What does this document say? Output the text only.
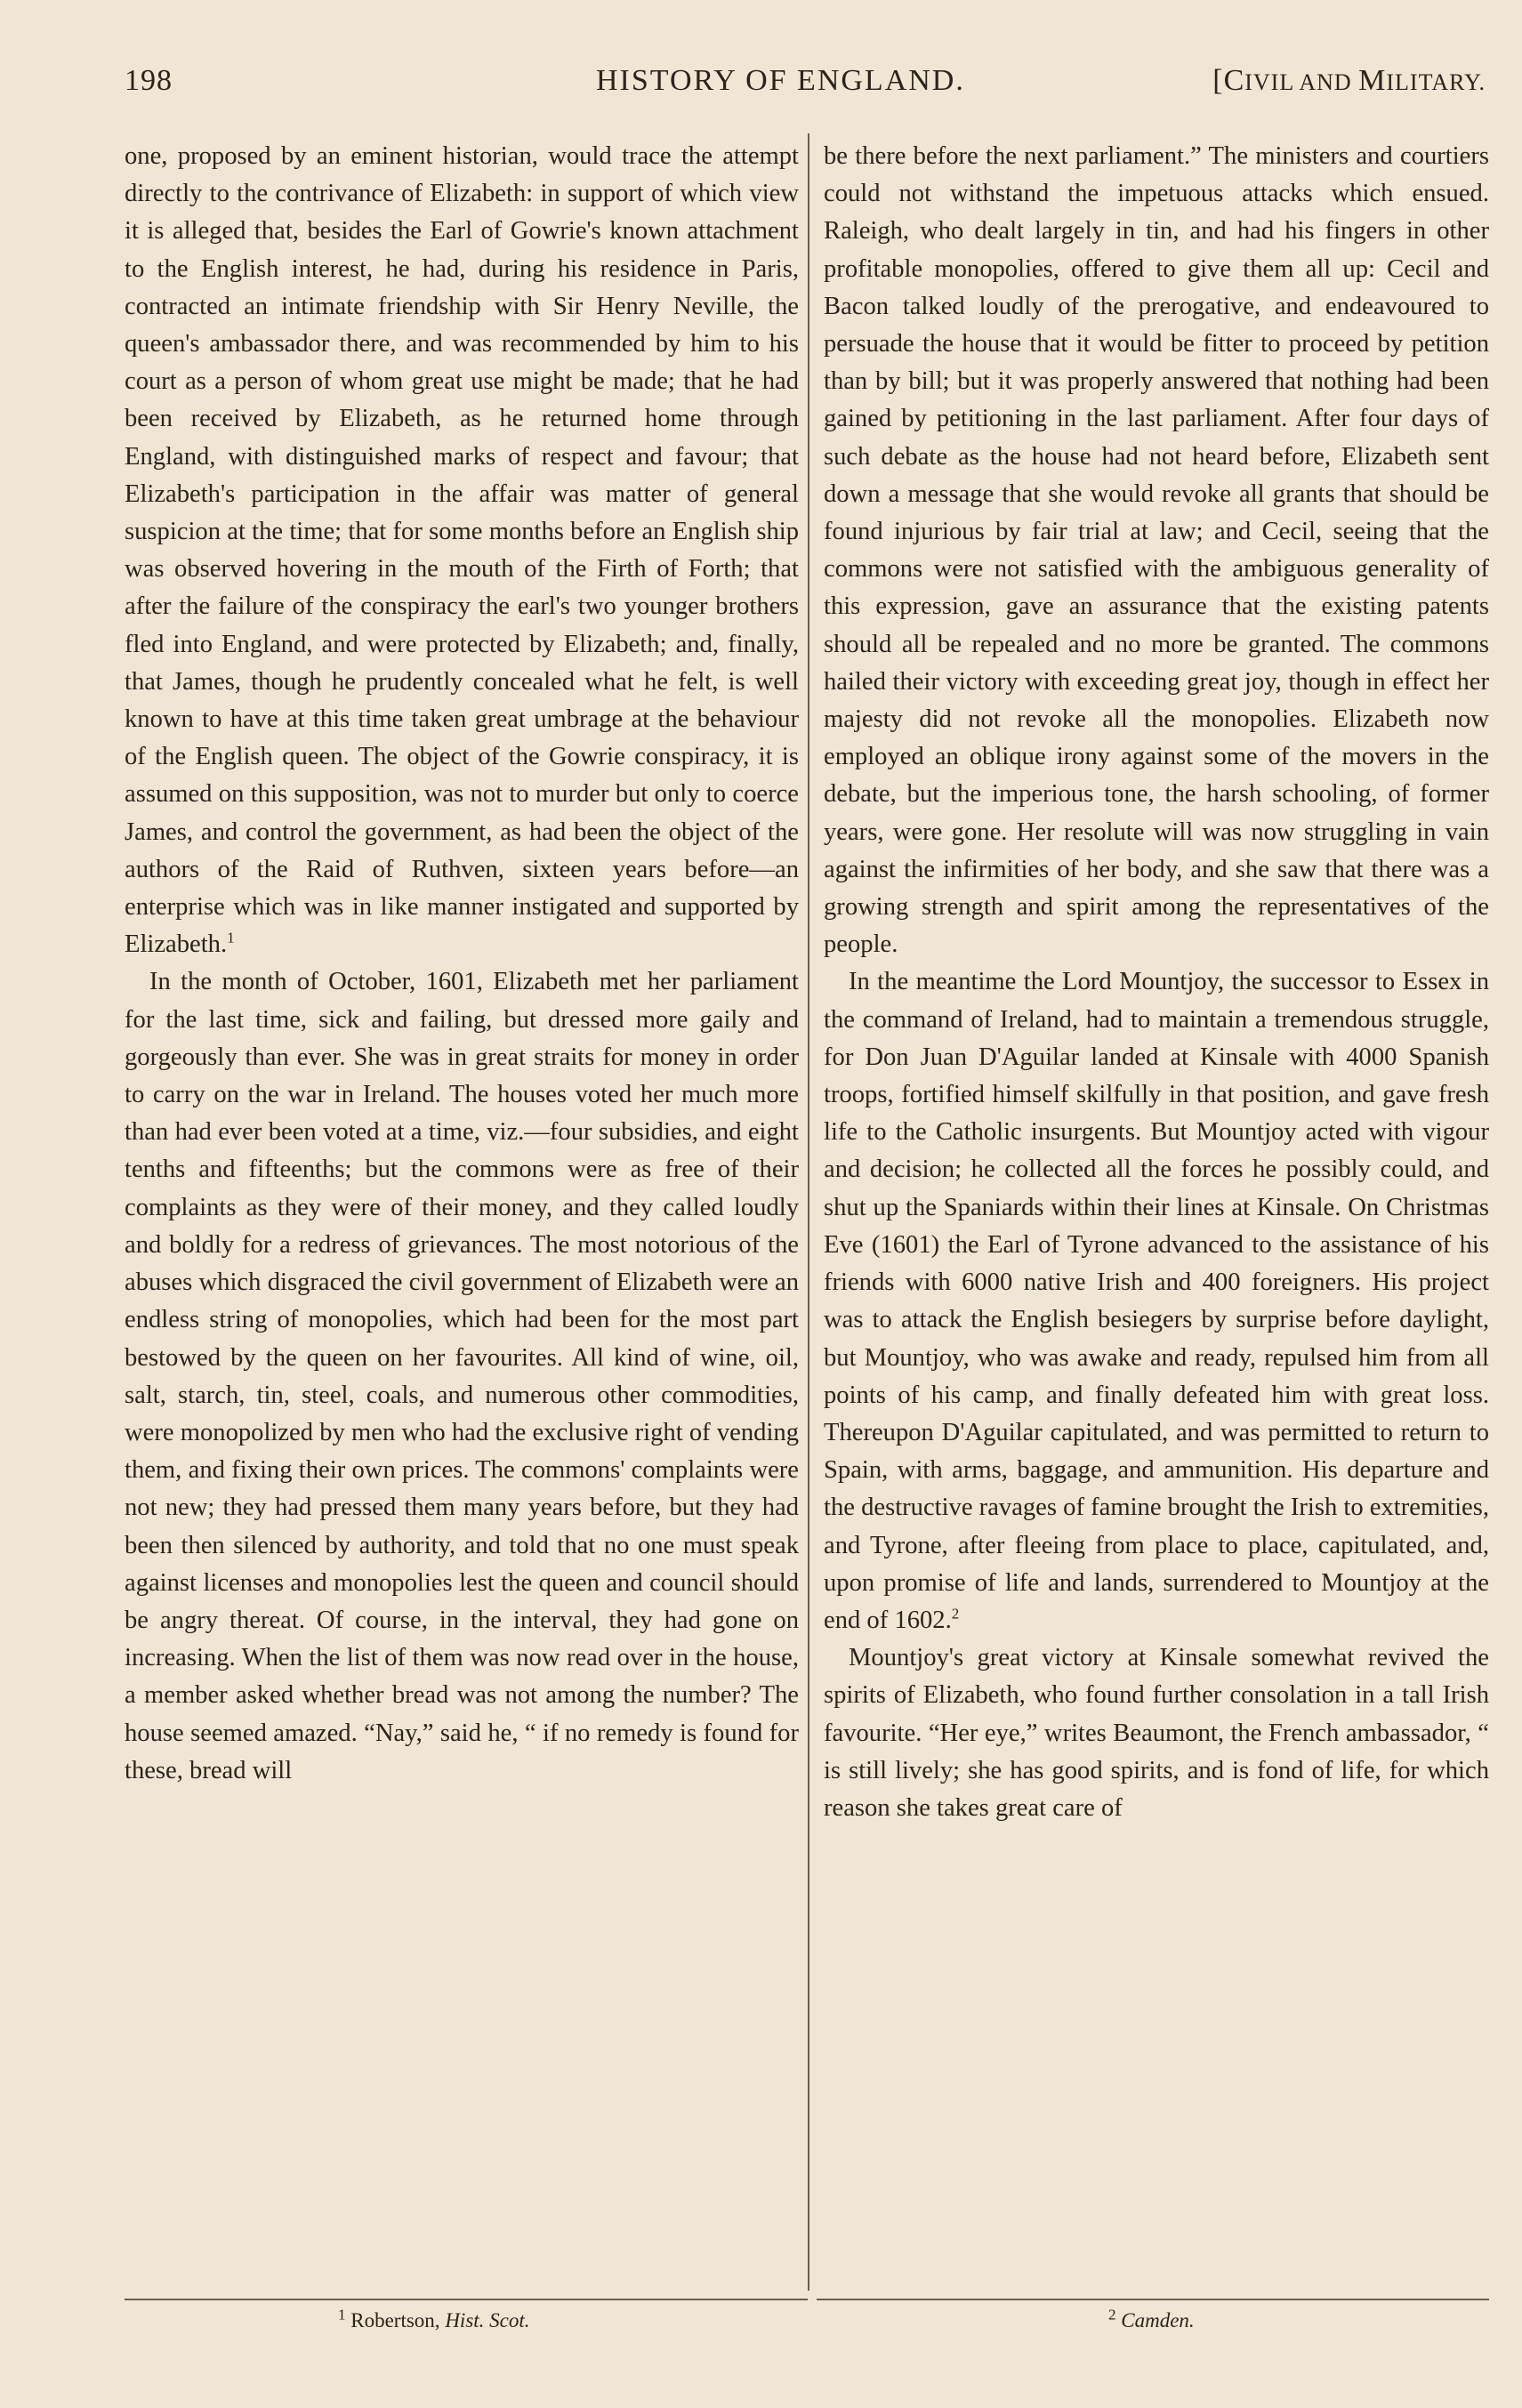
198	HISTORY OF ENGLAND.	[CIVIL AND MILITARY.

one, proposed by an eminent historian, would trace the attempt directly to the contrivance of Elizabeth: in support of which view it is alleged that, besides the Earl of Gowrie's known attachment to the English interest, he had, during his residence in Paris, contracted an intimate friendship with Sir Henry Neville, the queen's ambassador there, and was recommended by him to his court as a person of whom great use might be made; that he had been received by Elizabeth, as he returned home through England, with distinguished marks of respect and favour; that Elizabeth's participation in the affair was matter of general suspicion at the time; that for some months before an English ship was observed hovering in the mouth of the Firth of Forth; that after the failure of the conspiracy the earl's two younger brothers fled into England, and were protected by Elizabeth; and, finally, that James, though he prudently concealed what he felt, is well known to have at this time taken great umbrage at the behaviour of the English queen. The object of the Gowrie conspiracy, it is assumed on this supposition, was not to murder but only to coerce James, and control the government, as had been the object of the authors of the Raid of Ruthven, sixteen years before—an enterprise which was in like manner instigated and supported by Elizabeth.$^1$

In the month of October, 1601, Elizabeth met her parliament for the last time, sick and failing, but dressed more gaily and gorgeously than ever. She was in great straits for money in order to carry on the war in Ireland. The houses voted her much more than had ever been voted at a time, viz.—four subsidies, and eight tenths and fifteenths; but the commons were as free of their complaints as they were of their money, and they called loudly and boldly for a redress of grievances. The most notorious of the abuses which disgraced the civil government of Elizabeth were an endless string of monopolies, which had been for the most part bestowed by the queen on her favourites. All kind of wine, oil, salt, starch, tin, steel, coals, and numerous other commodities, were monopolized by men who had the exclusive right of vending them, and fixing their own prices. The commons' complaints were not new; they had pressed them many years before, but they had been then silenced by authority, and told that no one must speak against licenses and monopolies lest the queen and council should be angry thereat. Of course, in the interval, they had gone on increasing. When the list of them was now read over in the house, a member asked whether bread was not among the number? The house seemed amazed. “Nay,” said he, “ if no remedy is found for these, bread will

be there before the next parliament.” The ministers and courtiers could not withstand the impetuous attacks which ensued. Raleigh, who dealt largely in tin, and had his fingers in other profitable monopolies, offered to give them all up: Cecil and Bacon talked loudly of the prerogative, and endeavoured to persuade the house that it would be fitter to proceed by petition than by bill; but it was properly answered that nothing had been gained by petitioning in the last parliament. After four days of such debate as the house had not heard before, Elizabeth sent down a message that she would revoke all grants that should be found injurious by fair trial at law; and Cecil, seeing that the commons were not satisfied with the ambiguous generality of this expression, gave an assurance that the existing patents should all be repealed and no more be granted. The commons hailed their victory with exceeding great joy, though in effect her majesty did not revoke all the monopolies. Elizabeth now employed an oblique irony against some of the movers in the debate, but the imperious tone, the harsh schooling, of former years, were gone. Her resolute will was now struggling in vain against the infirmities of her body, and she saw that there was a growing strength and spirit among the representatives of the people.

In the meantime the Lord Mountjoy, the successor to Essex in the command of Ireland, had to maintain a tremendous struggle, for Don Juan D'Aguilar landed at Kinsale with 4000 Spanish troops, fortified himself skilfully in that position, and gave fresh life to the Catholic insurgents. But Mountjoy acted with vigour and decision; he collected all the forces he possibly could, and shut up the Spaniards within their lines at Kinsale. On Christmas Eve (1601) the Earl of Tyrone advanced to the assistance of his friends with 6000 native Irish and 400 foreigners. His project was to attack the English besiegers by surprise before daylight, but Mountjoy, who was awake and ready, repulsed him from all points of his camp, and finally defeated him with great loss. Thereupon D'Aguilar capitulated, and was permitted to return to Spain, with arms, baggage, and ammunition. His departure and the destructive ravages of famine brought the Irish to extremities, and Tyrone, after fleeing from place to place, capitulated, and, upon promise of life and lands, surrendered to Mountjoy at the end of 1602.$^2$

Mountjoy's great victory at Kinsale somewhat revived the spirits of Elizabeth, who found further consolation in a tall Irish favourite. “Her eye,” writes Beaumont, the French ambassador, “ is still lively; she has good spirits, and is fond of life, for which reason she takes great care of

$^1$ Robertson, Hist. Scot.	$^2$ Camden.
